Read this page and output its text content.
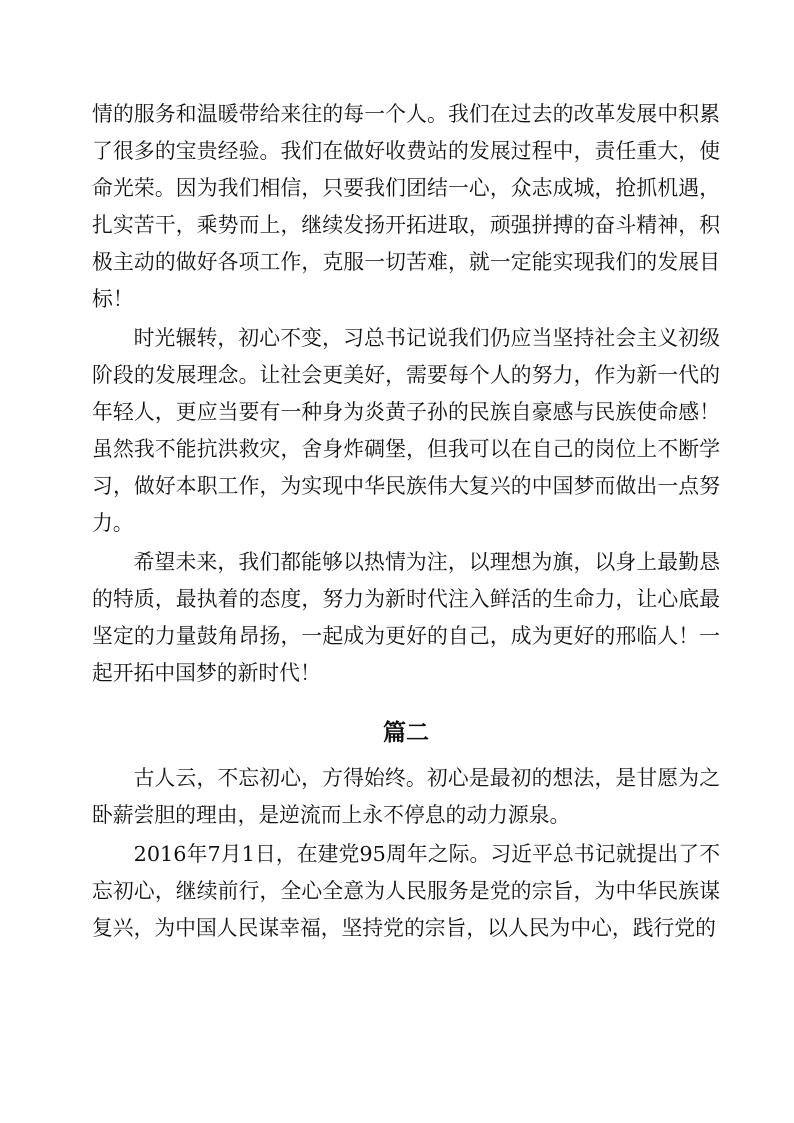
情的服务和温暖带给来往的每一个人。我们在过去的改革发展中积累了很多的宝贵经验。我们在做好收费站的发展过程中，责任重大，使命光荣。因为我们相信，只要我们团结一心，众志成城，抢抓机遇，扎实苦干，乘势而上，继续发扬开拓进取，顽强拼搏的奋斗精神，积极主动的做好各项工作，克服一切苦难，就一定能实现我们的发展目标！

时光辗转，初心不变，习总书记说我们仍应当坚持社会主义初级阶段的发展理念。让社会更美好，需要每个人的努力，作为新一代的年轻人，更应当要有一种身为炎黄子孙的民族自豪感与民族使命感！虽然我不能抗洪救灾，舍身炸碉堡，但我可以在自己的岗位上不断学习，做好本职工作，为实现中华民族伟大复兴的中国梦而做出一点努力。

希望未来，我们都能够以热情为注，以理想为旗，以身上最勤恳的特质，最执着的态度，努力为新时代注入鲜活的生命力，让心底最坚定的力量鼓角昂扬，一起成为更好的自己，成为更好的邢临人！一起开拓中国梦的新时代！

篇二

古人云，不忘初心，方得始终。初心是最初的想法，是甘愿为之卧薪尝胆的理由，是逆流而上永不停息的动力源泉。

2016年7月1日，在建党95周年之际。习近平总书记就提出了不忘初心，继续前行，全心全意为人民服务是党的宗旨，为中华民族谋复兴，为中国人民谋幸福，坚持党的宗旨，以人民为中心，践行党的
